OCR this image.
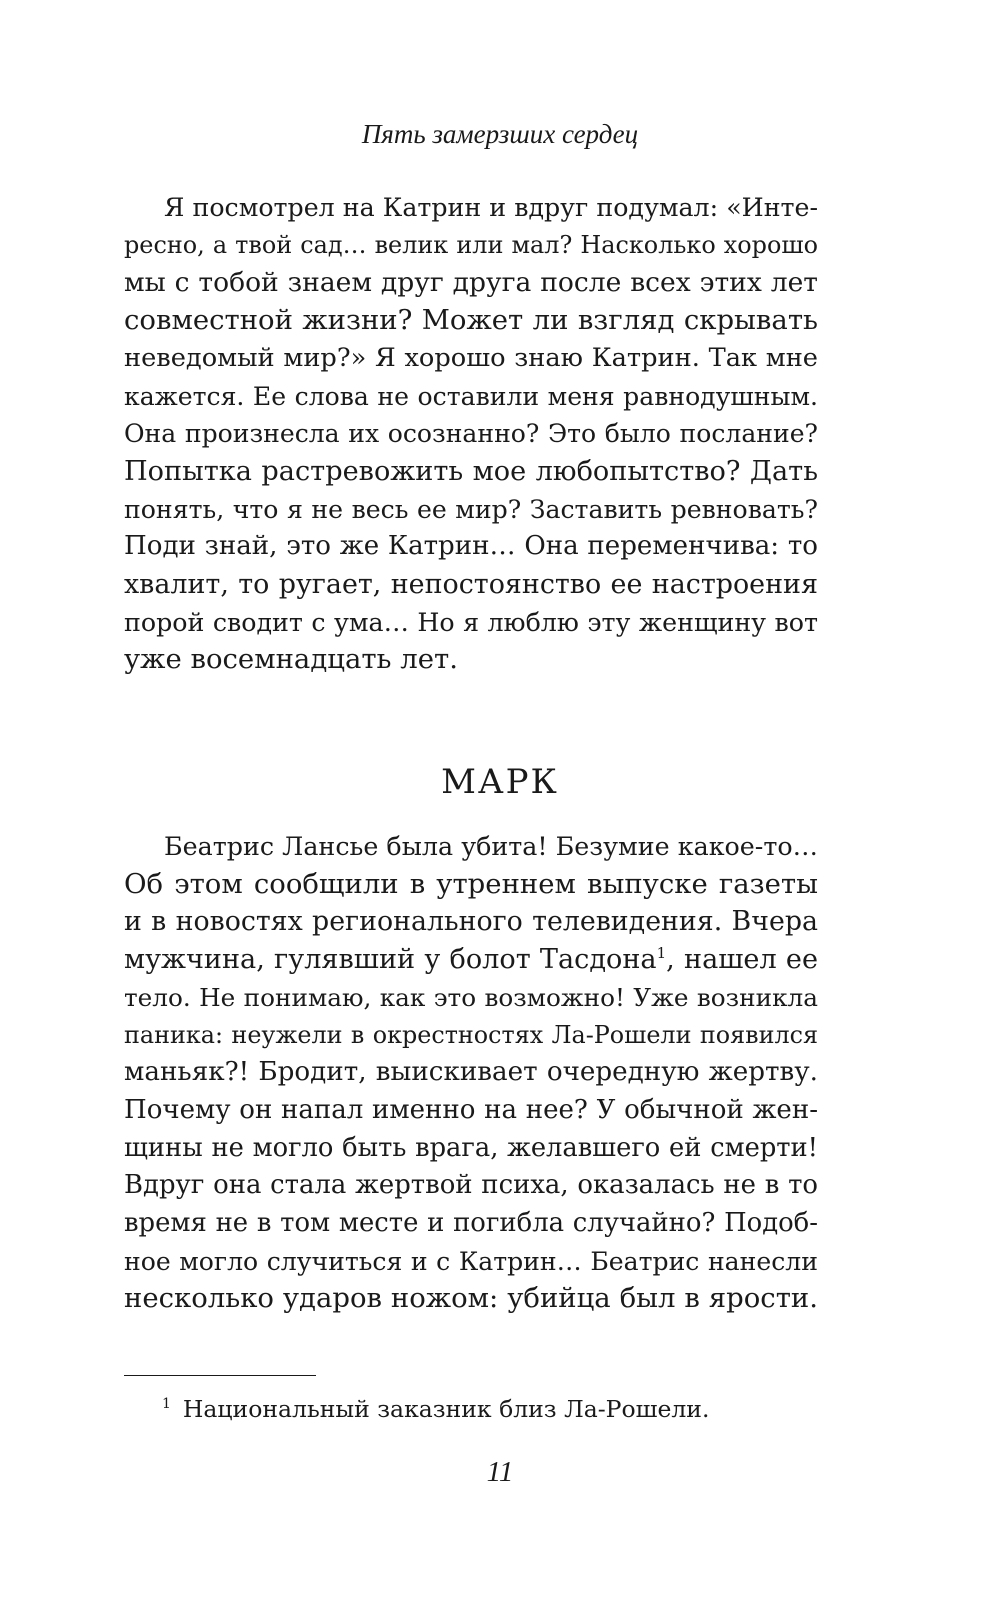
Пять замерзших сердец
Я посмотрел на Катрин и вдруг подумал: «Инте-
ресно, а твой сад… велик или мал? Насколько хорошо
мы с тобой знаем друг друга после всех этих лет
совместной жизни? Может ли взгляд скрывать
неведомый мир?» Я хорошо знаю Катрин. Так мне
кажется. Ее слова не оставили меня равнодушным.
Она произнесла их осознанно? Это было послание?
Попытка растревожить мое любопытство? Дать
понять, что я не весь ее мир? Заставить ревновать?
Поди знай, это же Катрин… Она переменчива: то
хвалит, то ругает, непостоянство ее настроения
порой сводит с ума… Но я люблю эту женщину вот
уже восемнадцать лет.
МАРК
Беатрис Лансье была убита! Безумие какое-то…
Об этом сообщили в утреннем выпуске газеты
и в новостях регионального телевидения. Вчера
мужчина, гулявший у болот Тасдона$^1$, нашел ее
тело. Не понимаю, как это возможно! Уже возникла
паника: неужели в окрестностях Ла-Рошели появился
маньяк?! Бродит, выискивает очередную жертву.
Почему он напал именно на нее? У обычной жен-
щины не могло быть врага, желавшего ей смерти!
Вдруг она стала жертвой психа, оказалась не в то
время не в том месте и погибла случайно? Подоб-
ное могло случиться и с Катрин… Беатрис нанесли
несколько ударов ножом: убийца был в ярости.
$^1$ Национальный заказник близ Ла-Рошели.
11
